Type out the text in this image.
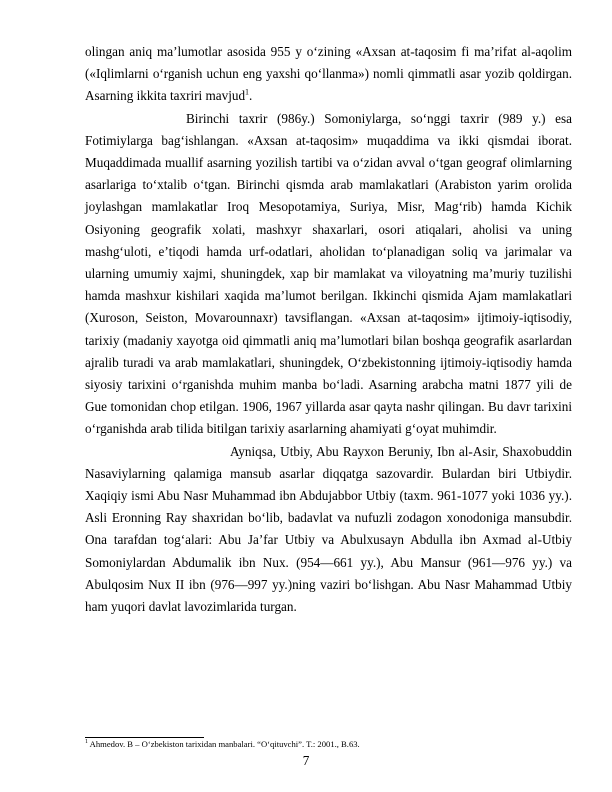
olingan aniq ma’lumotlar asosida 955 y o‘zining «Axsan at-taqosim fi ma’rifat al-aqolim («Iqlimlarni o‘rganish uchun eng yaxshi qo‘llanma») nomli qimmatli asar yozib qoldirgan. Asarning ikkita taxriri mavjud$^1$.

Birinchi taxrir (986y.) Somoniylarga, so‘nggi taxrir (989 y.) esa Fotimiylarga bag‘ishlangan. «Axsan at-taqosim» muqaddima va ikki qismdai iborat. Muqaddimada muallif asarning yozilish tartibi va o‘zidan avval o‘tgan geograf olimlarning asarlariga to‘xtalib o‘tgan. Birinchi qismda arab mamlakatlari (Arabiston yarim orolida joylashgan mamlakatlar Iroq Mesopotamiya, Suriya, Misr, Mag‘rib) hamda Kichik Osiyoning geografik xolati, mashxyr shaxarlari, osori atiqalari, aholisi va uning mashg‘uloti, e’tiqodi hamda urf-odatlari, aholidan to‘planadigan soliq va jarimalar va ularning umumiy xajmi, shuningdek, xap bir mamlakat va viloyatning ma’muriy tuzilishi hamda mashxur kishilari xaqida ma’lumot berilgan. Ikkinchi qismida Ajam mamlakatlari (Xuroson, Seiston, Movarounnaxr) tavsiflangan. «Axsan at-taqosim» ijtimoiy-iqtisodiy, tarixiy (madaniy xayotga oid qimmatli aniq ma’lumotlari bilan boshqa geografik asarlardan ajralib turadi va arab mamlakatlari, shuningdek, O‘zbekistonning ijtimoiy-iqtisodiy hamda siyosiy tarixini o‘rganishda muhim manba bo‘ladi. Asarning arabcha matni 1877 yili de Gue tomonidan chop etilgan. 1906, 1967 yillarda asar qayta nashr qilingan. Bu davr tarixini o‘rganishda arab tilida bitilgan tarixiy asarlarning ahamiyati g‘oyat muhimdir.

Ayniqsa, Utbiy, Abu Rayxon Beruniy, Ibn al-Asir, Shaxobuddin Nasaviylarning qalamiga mansub asarlar diqqatga sazovardir. Bulardan biri Utbiydir. Xaqiqiy ismi Abu Nasr Muhammad ibn Abdujabbor Utbiy (taxm. 961-1077 yoki 1036 yy.). Asli Eronning Ray shaxridan bo‘lib, badavlat va nufuzli zodagon xonodoniga mansubdir. Ona tarafdan tog‘alari: Abu Ja’far Utbiy va Abulxusayn Abdulla ibn Axmad al-Utbiy Somoniylardan Abdumalik ibn Nux. (954—661 yy.), Abu Mansur (961—976 yy.) va Abulqosim Nux II ibn (976—997 yy.)ning vaziri bo‘lishgan. Abu Nasr Mahammad Utbiy ham yuqori davlat lavozimlarida turgan.

$^1$ Ahmedov. B – O‘zbekiston tarixidan manbalari. “O‘qituvchi”. T.: 2001., B.63.
7
